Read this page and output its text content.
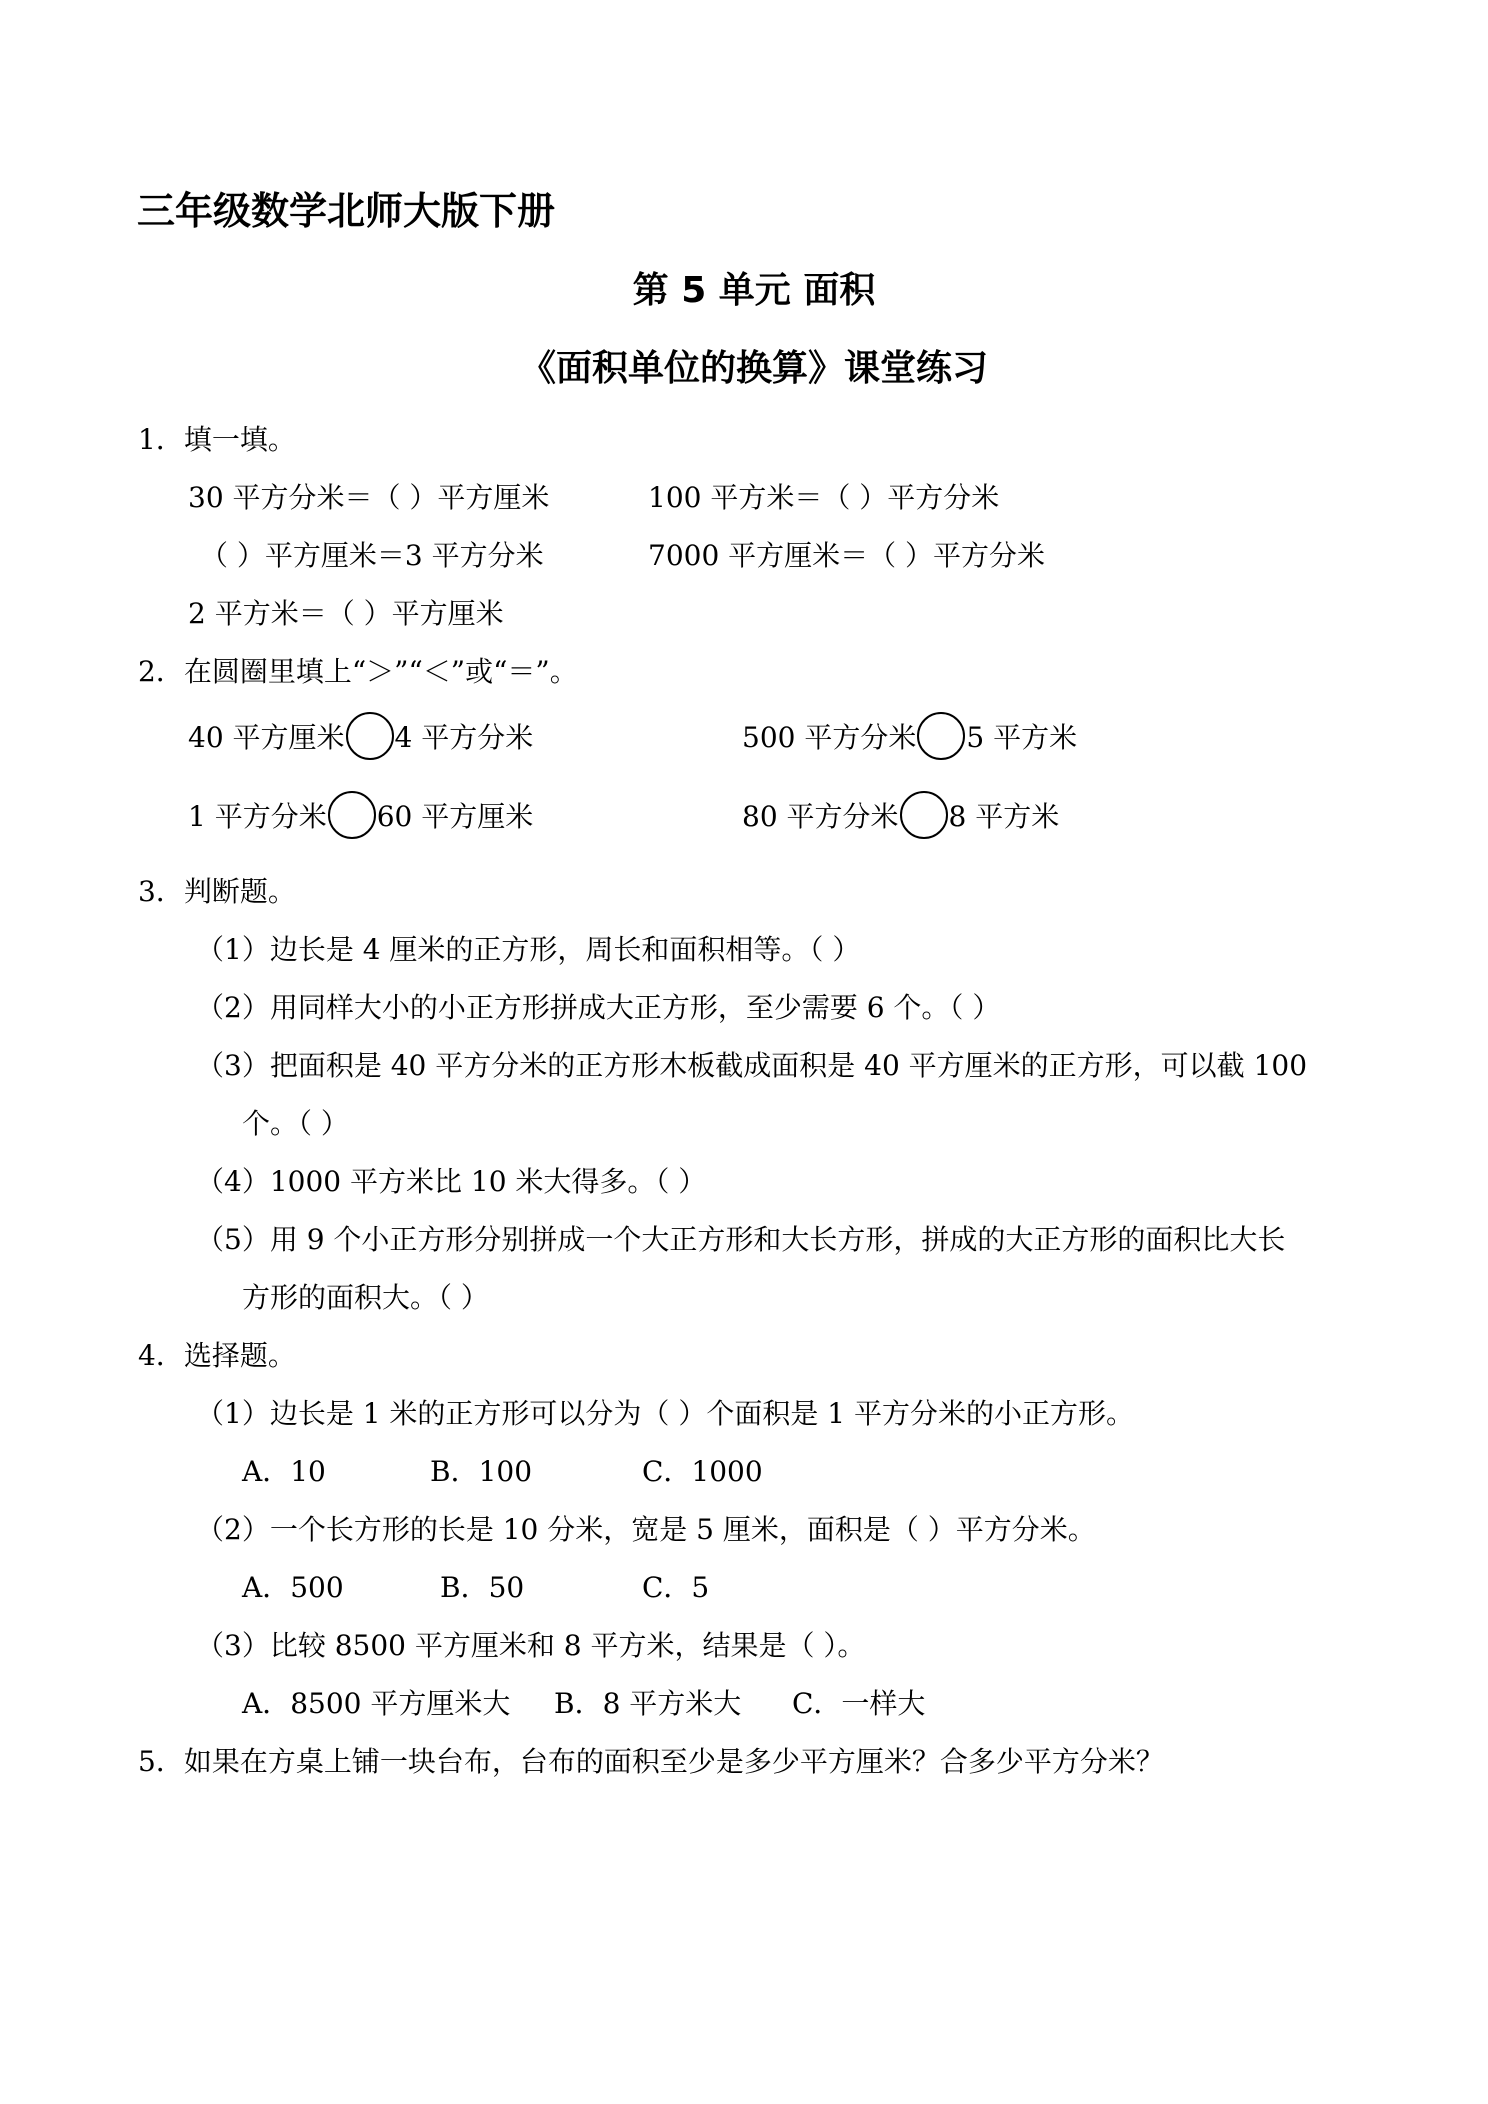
三年级数学北师大版下册
第 5 单元 面积
《面积单位的换算》课堂练习
1．填一填。
30 平方分米＝（ ）平方厘米	100 平方米＝（ ）平方分米
（ ）平方厘米＝3 平方分米	7000 平方厘米＝（ ）平方分米
2 平方米＝（ ）平方厘米
2．在圆圈里填上“＞”“＜”或“＝”。
40 平方厘米 4 平方分米	500 平方分米 5 平方米
1 平方分米 60 平方厘米	80 平方分米 8 平方米
3．判断题。
（1）边长是 4 厘米的正方形，周长和面积相等。（ ）
（2）用同样大小的小正方形拼成大正方形，至少需要 6 个。（ ）
（3）把面积是 40 平方分米的正方形木板截成面积是 40 平方厘米的正方形，可以截 100
个。（ ）
（4）1000 平方米比 10 米大得多。（ ）
（5）用 9 个小正方形分别拼成一个大正方形和大长方形，拼成的大正方形的面积比大长
方形的面积大。（ ）
4．选择题。
（1）边长是 1 米的正方形可以分为（ ）个面积是 1 平方分米的小正方形。
A．10	B．100	C．1000
（2）一个长方形的长是 10 分米，宽是 5 厘米，面积是（ ）平方分米。
A．500	B．50	C．5
（3）比较 8500 平方厘米和 8 平方米，结果是（ ）。
A．8500 平方厘米大 B．8 平方米大 C．一样大
5．如果在方桌上铺一块台布，台布的面积至少是多少平方厘米？合多少平方分米？
